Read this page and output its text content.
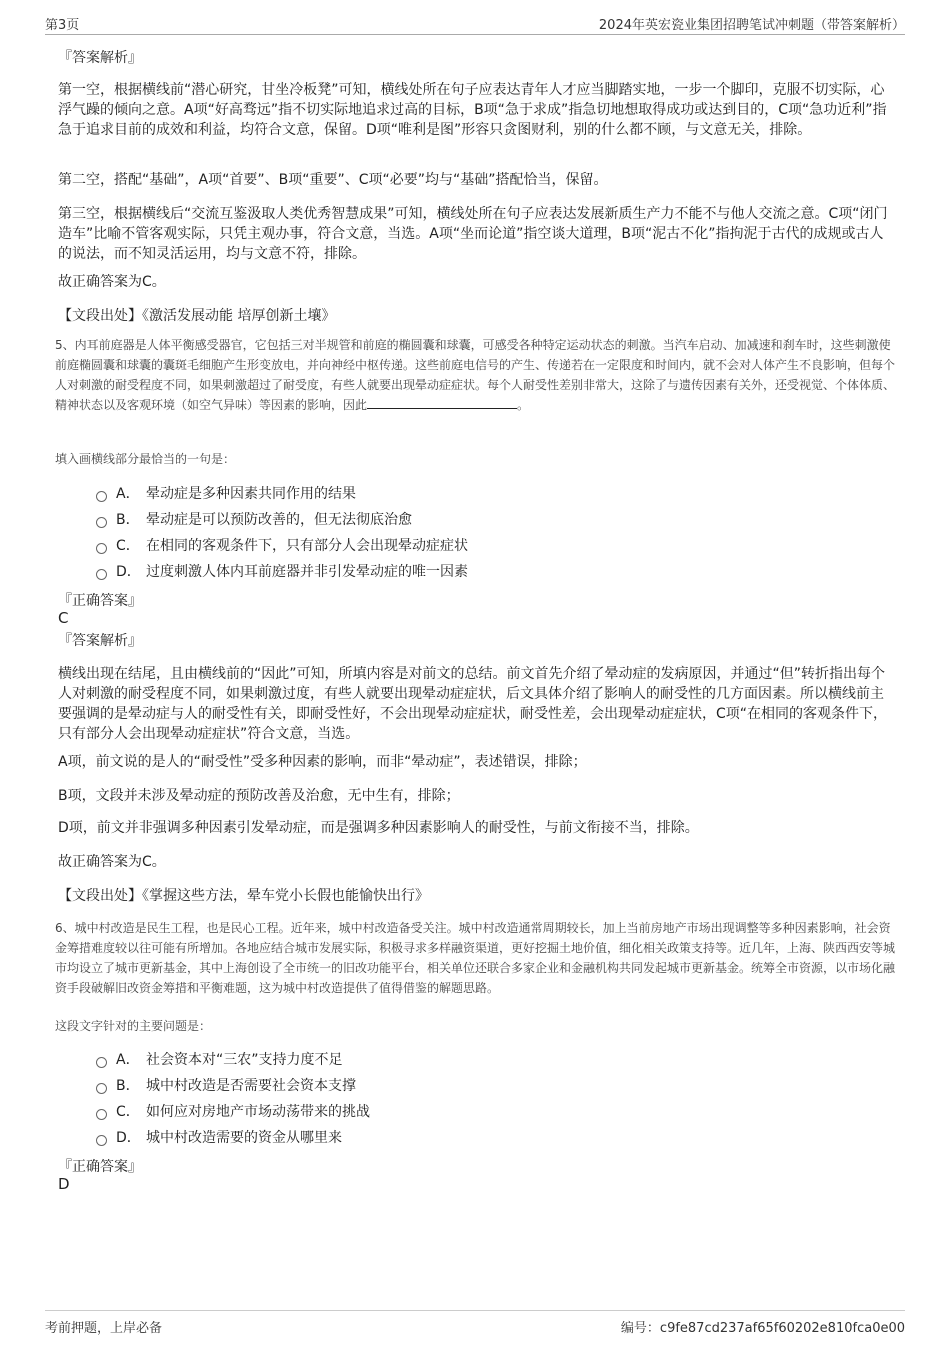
第3页	2024年英宏瓷业集团招聘笔试冲刺题（带答案解析）
『答案解析』
第一空，根据横线前“潜心研究，甘坐冷板凳”可知，横线处所在句子应表达青年人才应当脚踏实地，一步一个脚印，克服不切实际，心浮气躁的倾向之意。A项“好高骛远”指不切实际地追求过高的目标，B项“急于求成”指急切地想取得成功或达到目的，C项“急功近利”指急于追求目前的成效和利益，均符合文意，保留。D项“唯利是图”形容只贪图财利，别的什么都不顾，与文意无关，排除。
第二空，搭配“基础”，A项“首要”、B项“重要”、C项“必要”均与“基础”搭配恰当，保留。
第三空，根据横线后“交流互鉴汲取人类优秀智慧成果”可知，横线处所在句子应表达发展新质生产力不能不与他人交流之意。C项“闭门造车”比喻不管客观实际，只凭主观办事，符合文意，当选。A项“坐而论道”指空谈大道理，B项“泥古不化”指拘泥于古代的成规或古人的说法，而不知灵活运用，均与文意不符，排除。
故正确答案为C。
【文段出处】《激活发展动能 培厚创新土壤》
5、内耳前庭器是人体平衡感受器官，它包括三对半规管和前庭的椭圆囊和球囊，可感受各种特定运动状态的刺激。当汽车启动、加减速和刹车时，这些刺激使前庭椭圆囊和球囊的囊斑毛细胞产生形变放电，并向神经中枢传递。这些前庭电信号的产生、传递若在一定限度和时间内，就不会对人体产生不良影响，但每个人对刺激的耐受程度不同，如果刺激超过了耐受度，有些人就要出现晕动症症状。每个人耐受性差别非常大，这除了与遗传因素有关外，还受视觉、个体体质、精神状态以及客观环境（如空气异味）等因素的影响，因此	。
填入画横线部分最恰当的一句是：
A． 晕动症是多种因素共同作用的结果
B． 晕动症是可以预防改善的，但无法彻底治愈
C． 在相同的客观条件下，只有部分人会出现晕动症症状
D． 过度刺激人体内耳前庭器并非引发晕动症的唯一因素
『正确答案』
C
『答案解析』
横线出现在结尾，且由横线前的“因此”可知，所填内容是对前文的总结。前文首先介绍了晕动症的发病原因，并通过“但”转折指出每个人对刺激的耐受程度不同，如果刺激过度，有些人就要出现晕动症症状，后文具体介绍了影响人的耐受性的几方面因素。所以横线前主要强调的是晕动症与人的耐受性有关，即耐受性好，不会出现晕动症症状，耐受性差，会出现晕动症症状，C项“在相同的客观条件下，只有部分人会出现晕动症症状”符合文意，当选。
A项，前文说的是人的“耐受性”受多种因素的影响，而非“晕动症”，表述错误，排除；
B项，文段并未涉及晕动症的预防改善及治愈，无中生有，排除；
D项，前文并非强调多种因素引发晕动症，而是强调多种因素影响人的耐受性，与前文衔接不当，排除。
故正确答案为C。
【文段出处】《掌握这些方法，晕车党小长假也能愉快出行》
6、城中村改造是民生工程，也是民心工程。近年来，城中村改造备受关注。城中村改造通常周期较长，加上当前房地产市场出现调整等多种因素影响，社会资金筹措难度较以往可能有所增加。各地应结合城市发展实际，积极寻求多样融资渠道，更好挖掘土地价值，细化相关政策支持等。近几年，上海、陕西西安等城市均设立了城市更新基金，其中上海创设了全市统一的旧改功能平台，相关单位还联合多家企业和金融机构共同发起城市更新基金。统筹全市资源，以市场化融资手段破解旧改资金筹措和平衡难题，这为城中村改造提供了值得借鉴的解题思路。
这段文字针对的主要问题是：
A． 社会资本对“三农”支持力度不足
B． 城中村改造是否需要社会资本支撑
C． 如何应对房地产市场动荡带来的挑战
D． 城中村改造需要的资金从哪里来
『正确答案』
D
考前押题，上岸必备	编号：c9fe87cd237af65f60202e810fca0e00
